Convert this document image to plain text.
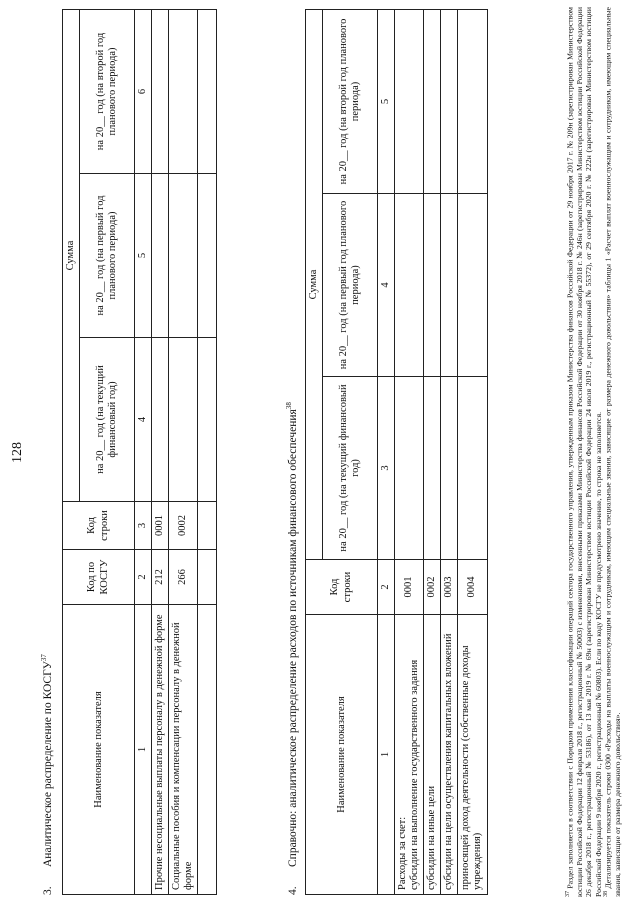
128
3.Аналитическое распределение по КОСГУ$^{37}$
Наименование показателя	Код по КОСГУ	Код строки	Сумма		
			на 20__ год (на текущий финансовый год)	на 20__ год (на первый год планового периода)	на 20__ год (на второй год планового периода)
1	2	3	4	5	6
Прочие несоциальные выплаты персоналу в денежной форме	212	0001			
Социальные пособия и компенсации персоналу в денежной форме	266	0002			

4.Справочно: аналитическое распределение расходов по источникам финансового обеспечения$^{38}$
Наименование показателя	Код строки	Сумма		
		на 20__ год (на текущий финансовый год)	на 20__ год (на первый год планового периода)	на 20__ год (на второй год планового периода)
1	2	3	4	5
Расходы за счет:
субсидии на выполнение государственного задания	0001			
субсидии на иные цели	0002			
субсидии на цели осуществления капитальных вложений	0003			
приносящей доход деятельности (собственные доходы учреждения)	0004			

$^{37}$ Раздел заполняется в соответствии с Порядком применения классификации операций сектора государственного управления, утвержденным приказом Министерства финансов Российской Федерации от 29 ноября 2017 г. № 209н (зарегистрирован Министерством юстиции Российской Федерации 12 февраля 2018 г., регистрационный № 50003) с изменениями, внесенными приказами Министерства финансов Российской Федерации от 30 ноября 2018 г. № 246н (зарегистрирован Министерством юстиции Российской Федерации 26 декабря 2018 г., регистрационный № 53186), от 13 мая 2019 г. № 69н (зарегистрирован Министерством юстиции Российской Федерации 24 июля 2019 г., регистрационный № 55372), от 29 сентября 2020 г. № 222н (зарегистрирован Министерством юстиции Российской Федерации 9 ноября 2020 г., регистрационный № 60803). Если по коду КОСГУ не предусмотрено значение, то строка не заполняется. $^{38}$ Детализируется показатель строки 0300 «Расходы на выплаты военнослужащим и сотрудникам, имеющим специальные звания, зависящие от размера денежного довольствия» таблицы 1 «Расчет выплат военнослужащим и сотрудникам, имеющим специальные звания, зависящие от размера денежного довольствия».
